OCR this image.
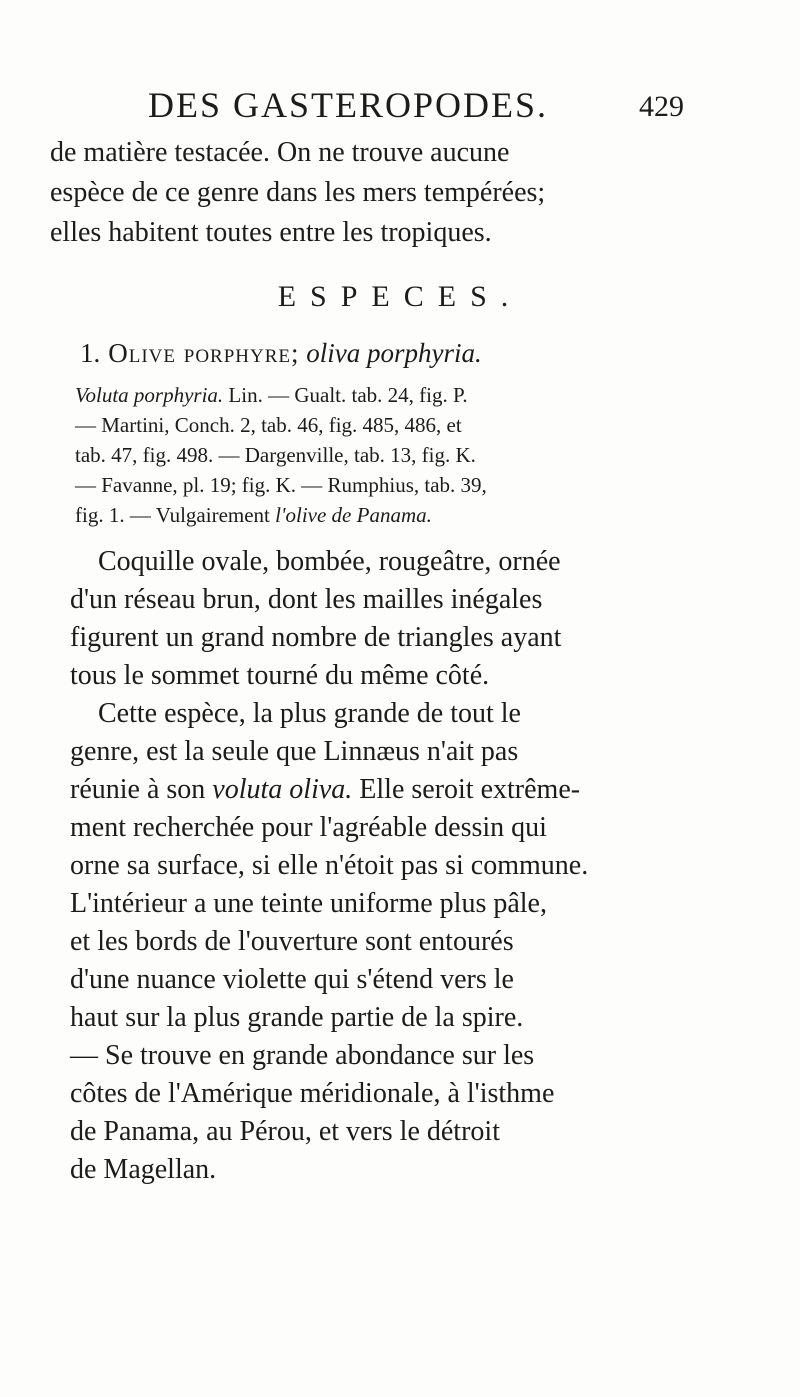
DES GASTEROPODES.	429
de matière testacée. On ne trouve aucune
espèce de ce genre dans les mers tempérées;
elles habitent toutes entre les tropiques.
ESPECES.
1. Olive porphyre; oliva porphyria.
Voluta porphyria. Lin. — Gualt. tab. 24, fig. P.
— Martini, Conch. 2, tab. 46, fig. 485, 486, et
tab. 47, fig. 498. — Dargenville, tab. 13, fig. K.
— Favanne, pl. 19; fig. K. — Rumphius, tab. 39,
fig. 1. — Vulgairement l'olive de Panama.
Coquille ovale, bombée, rougeâtre, ornée
d'un réseau brun, dont les mailles inégales
figurent un grand nombre de triangles ayant
tous le sommet tourné du même côté.
Cette espèce, la plus grande de tout le
genre, est la seule que Linnæus n'ait pas
réunie à son voluta oliva. Elle seroit extrême-
ment recherchée pour l'agréable dessin qui
orne sa surface, si elle n'étoit pas si commune.
L'intérieur a une teinte uniforme plus pâle,
et les bords de l'ouverture sont entourés
d'une nuance violette qui s'étend vers le
haut sur la plus grande partie de la spire.
— Se trouve en grande abondance sur les
côtes de l'Amérique méridionale, à l'isthme
de Panama, au Pérou, et vers le détroit
de Magellan.
